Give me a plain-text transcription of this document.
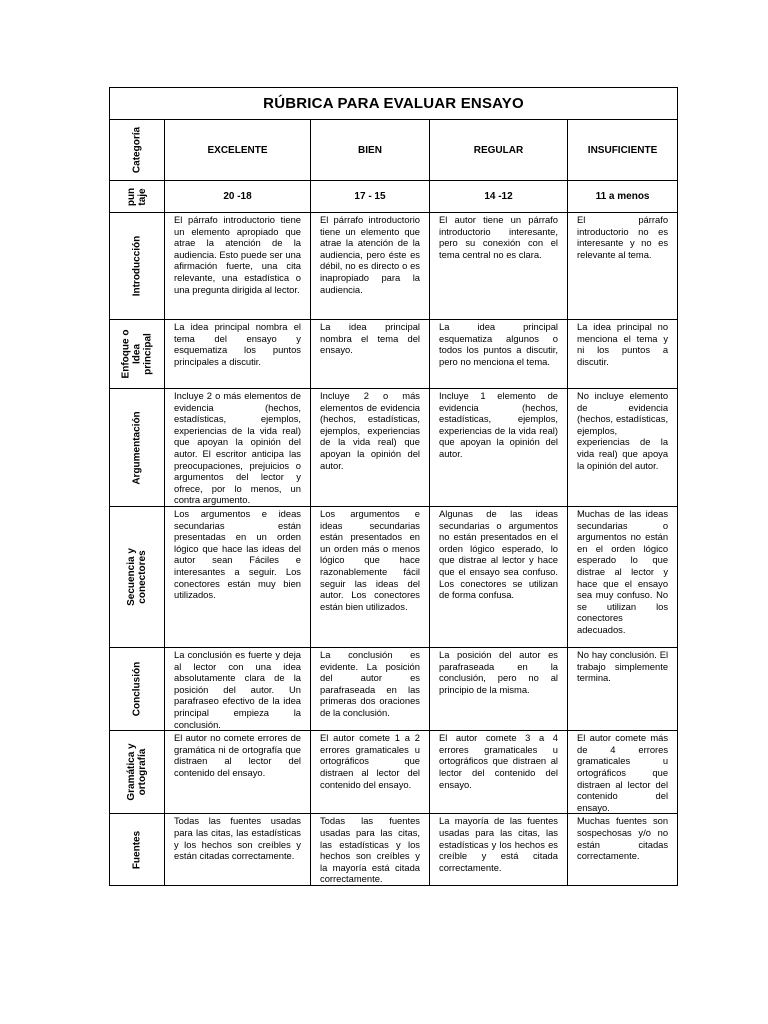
RÚBRICA PARA EVALUAR ENSAYO				

Categoría	EXCELENTE	BIEN	REGULAR	INSUFICIENTE

pun taje	20 -18	17 - 15	14 -12	11 a menos

Introducción	El párrafo introductorio tiene un elemento apropiado que atrae la atención de la audiencia. Esto puede ser una afirmación fuerte, una cita relevante, una estadística o una pregunta dirigida al lector.	El párrafo introductorio tiene un elemento que atrae la atención de la audiencia, pero éste es débil, no es directo o es inapropiado para la audiencia.	El autor tiene un párrafo introductorio interesante, pero su conexión con el tema central no es clara.	El párrafo introductorio no es interesante y no es relevante al tema.

Enfoque o Idea principal	La idea principal nombra el tema del ensayo y esquematiza los puntos principales a discutir.	La idea principal nombra el tema del ensayo.	La idea principal esquematiza algunos o todos los puntos a discutir, pero no menciona el tema.	La idea principal no menciona el tema y ni los puntos a discutir.

Argumentación	Incluye 2 o más elementos de evidencia (hechos, estadísticas, ejemplos, experiencias de la vida real) que apoyan la opinión del autor. El escritor anticipa las preocupaciones, prejuicios o argumentos del lector y ofrece, por lo menos, un contra argumento.	Incluye 2 o más elementos de evidencia (hechos, estadísticas, ejemplos, experiencias de la vida real) que apoyan la opinión del autor.	Incluye 1 elemento de evidencia (hechos, estadísticas, ejemplos, experiencias de la vida real) que apoyan la opinión del autor.	No incluye elemento de evidencia (hechos, estadísticas, ejemplos, experiencias de la vida real) que apoya la opinión del autor.

Secuencia y conectores	Los argumentos e ideas secundarias están presentadas en un orden lógico que hace las ideas del autor sean Fáciles e interesantes a seguir. Los conectores están muy bien utilizados.	Los argumentos e ideas secundarias están presentados en un orden más o menos lógico que hace razonablemente fácil seguir las ideas del autor. Los conectores están bien utilizados.	Algunas de las ideas secundarias o argumentos no están presentados en el orden lógico esperado, lo que distrae al lector y hace que el ensayo sea confuso. Los conectores se utilizan de forma confusa.	Muchas de las ideas secundarias o argumentos no están en el orden lógico esperado lo que distrae al lector y hace que el ensayo sea muy confuso. No se utilizan los conectores adecuados.

Conclusión	La conclusión es fuerte y deja al lector con una idea absolutamente clara de la posición del autor. Un parafraseo efectivo de la idea principal empieza la conclusión.	La conclusión es evidente. La posición del autor es parafraseada en las primeras dos oraciones de la conclusión.	La posición del autor es parafraseada en la conclusión, pero no al principio de la misma.	No hay conclusión. El trabajo simplemente termina.

Gramática y ortografía	El autor no comete errores de gramática ni de ortografía que distraen al lector del contenido del ensayo.	El autor comete 1 a 2 errores gramaticales u ortográficos que distraen al lector del contenido del ensayo.	El autor comete 3 a 4 errores gramaticales u ortográficos que distraen al lector del contenido del ensayo.	El autor comete más de 4 errores gramaticales u ortográficos que distraen al lector del contenido del ensayo.

Fuentes	Todas las fuentes usadas para las citas, las estadísticas y los hechos son creíbles y están citadas correctamente.	Todas las fuentes usadas para las citas, las estadísticas y los hechos son creíbles y la mayoría está citada correctamente.	La mayoría de las fuentes usadas para las citas, las estadísticas y los hechos es creíble y está citada correctamente.	Muchas fuentes son sospechosas y/o no están citadas correctamente.
